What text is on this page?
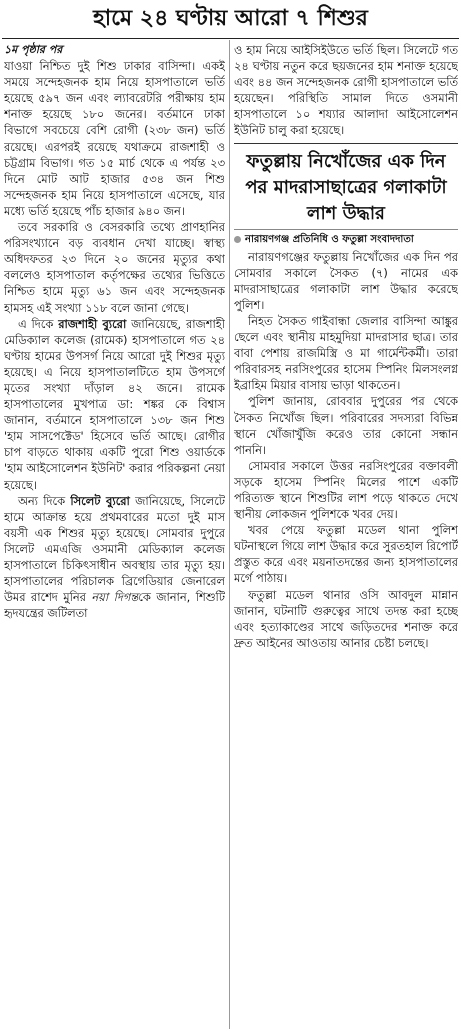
হামে ২৪ ঘণ্টায় আরো ৭ শিশুর
১ম পৃষ্ঠার পর

যাওয়া নিশ্চিত দুই শিশু ঢাকার বাসিন্দা। একই সময়ে সন্দেহজনক হাম নিয়ে হাসপাতালে ভর্তি হয়েছে ৫৯৭ জন এবং ল্যাবরেটরি পরীক্ষায় হাম শনাক্ত হয়েছে ১৮০ জনের। বর্তমানে ঢাকা বিভাগে সবচেয়ে বেশি রোগী (২৩৮ জন) ভর্তি রয়েছে। এরপরই রয়েছে যথাক্রমে রাজশাহী ও চট্টগ্রাম বিভাগ। গত ১৫ মার্চ থেকে এ পর্যন্ত ২৩ দিনে মোট আট হাজার ৫৩৪ জন শিশু সন্দেহজনক হাম নিয়ে হাসপাতালে এসেছে, যার মধ্যে ভর্তি হয়েছে পাঁচ হাজার ৯৪০ জন।

তবে সরকারি ও বেসরকারি তথ্যে প্রাণহানির পরিসংখ্যানে বড় ব্যবধান দেখা যাচ্ছে। স্বাস্থ্য অধিদফতর ২৩ দিনে ২০ জনের মৃত্যুর কথা বললেও হাসপাতাল কর্তৃপক্ষের তথ্যের ভিত্তিতে নিশ্চিত হামে মৃত্যু ৬১ জন এবং সন্দেহজনক হামসহ এই সংখ্যা ১১৮ বলে জানা গেছে।

এ দিকে রাজশাহী ব্যুরো জানিয়েছে, রাজশাহী মেডিক্যাল কলেজ (রামেক) হাসপাতালে গত ২৪ ঘণ্টায় হামের উপসর্গ নিয়ে আরো দুই শিশুর মৃত্যু হয়েছে। এ নিয়ে হাসপাতালটিতে হাম উপসর্গে মৃতের সংখ্যা দাঁড়াল ৪২ জনে। রামেক হাসপাতালের মুখপাত্র ডা: শঙ্কর কে বিশ্বাস জানান, বর্তমানে হাসপাতালে ১৩৮ জন শিশু 'হাম সাসপেক্টেড' হিসেবে ভর্তি আছে। রোগীর চাপ বাড়তে থাকায় একটি পুরো শিশু ওয়ার্ডকে 'হাম আইসোলেশন ইউনিট' করার পরিকল্পনা নেয়া হয়েছে।

অন্য দিকে সিলেট ব্যুরো জানিয়েছে, সিলেটে হামে আক্রান্ত হয়ে প্রথমবারের মতো দুই মাস বয়সী এক শিশুর মৃত্যু হয়েছে। সোমবার দুপুরে সিলেট এমএজি ওসমানী মেডিক্যাল কলেজ হাসপাতালে চিকিৎসাধীন অবস্থায় তার মৃত্যু হয়। হাসপাতালের পরিচালক ব্রিগেডিয়ার জেনারেল উমর রাশেদ মুনির নয়া দিগন্তকে জানান, শিশুটি হৃদযন্ত্রের জটিলতা

ও হাম নিয়ে আইসিইউতে ভর্তি ছিল। সিলেটে গত ২৪ ঘণ্টায় নতুন করে ছয়জনের হাম শনাক্ত হয়েছে এবং ৪৪ জন সন্দেহজনক রোগী হাসপাতালে ভর্তি হয়েছেন। পরিস্থিতি সামাল দিতে ওসমানী হাসপাতালে ১০ শয্যার আলাদা আইসোলেশন ইউনিট চালু করা হয়েছে।

ফতুল্লায় নিখোঁজের এক দিন পর মাদরাসাছাত্রের গলাকাটা লাশ উদ্ধার
নারায়ণগঞ্জ প্রতিনিধি ও ফতুল্লা সংবাদদাতা

নারায়ণগঞ্জের ফতুল্লায় নিখোঁজের এক দিন পর সোমবার সকালে সৈকত (৭) নামের এক মাদরাসাছাত্রের গলাকাটা লাশ উদ্ধার করেছে পুলিশ।

নিহত সৈকত গাইবান্ধা জেলার বাসিন্দা আঙ্কুর ছেলে এবং স্থানীয় মাহমুদিয়া মাদরাসার ছাত্র। তার বাবা পেশায় রাজমিস্ত্রি ও মা গার্মেন্টকর্মী। তারা পরিবারসহ নরসিংপুরের হাসেম স্পিনিং মিলসংলগ্ন ইব্রাহিম মিয়ার বাসায় ভাড়া থাকতেন।

পুলিশ জানায়, রোববার দুপুরের পর থেকে সৈকত নিখোঁজ ছিল। পরিবারের সদস্যরা বিভিন্ন স্থানে খোঁজাখুঁজি করেও তার কোনো সন্ধান পাননি।

সোমবার সকালে উত্তর নরসিংপুরের বক্তাবলী সড়কে হাসেম স্পিনিং মিলের পাশে একটি পরিত্যক্ত স্থানে শিশুটির লাশ পড়ে থাকতে দেখে স্থানীয় লোকজন পুলিশকে খবর দেয়।

খবর পেয়ে ফতুল্লা মডেল থানা পুলিশ ঘটনাস্থলে গিয়ে লাশ উদ্ধার করে সুরতহাল রিপোর্ট প্রস্তুত করে এবং ময়নাতদন্তের জন্য হাসপাতালের মর্গে পাঠায়।

ফতুল্লা মডেল থানার ওসি আবদুল মান্নান জানান, ঘটনাটি গুরুত্বের সাথে তদন্ত করা হচ্ছে এবং হত্যাকাণ্ডের সাথে জড়িতদের শনাক্ত করে দ্রুত আইনের আওতায় আনার চেষ্টা চলছে।
